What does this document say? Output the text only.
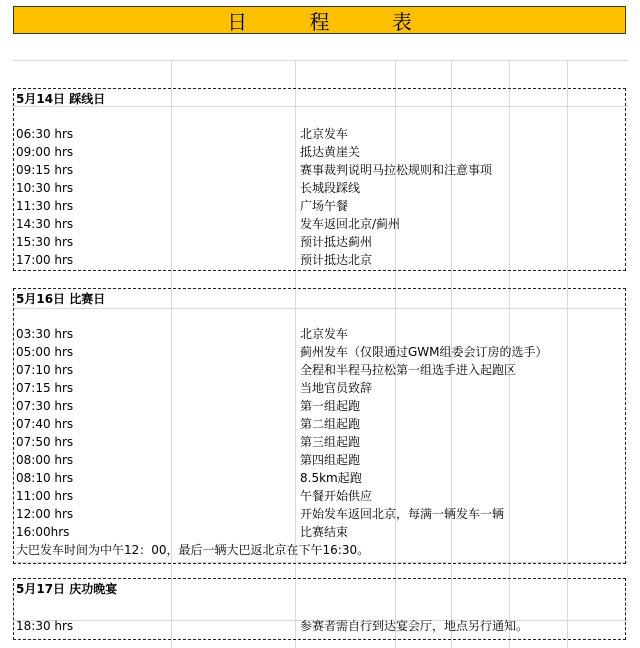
日 程 表
5月14日 踩线日
06:30 hrs	北京发车
09:00 hrs	抵达黄崖关
09:15 hrs	赛事裁判说明马拉松规则和注意事项
10:30 hrs	长城段踩线
11:30 hrs	广场午餐
14:30 hrs	发车返回北京/蓟州
15:30 hrs	预计抵达蓟州
17:00 hrs	预计抵达北京
5月16日 比赛日
03:30 hrs	北京发车
05:00 hrs	蓟州发车（仅限通过GWM组委会订房的选手）
07:10 hrs	全程和半程马拉松第一组选手进入起跑区
07:15 hrs	当地官员致辞
07:30 hrs	第一组起跑
07:40 hrs	第二组起跑
07:50 hrs	第三组起跑
08:00 hrs	第四组起跑
08:10 hrs	8.5km起跑
11:00 hrs	午餐开始供应
12:00 hrs	开始发车返回北京，每满一辆发车一辆
16:00hrs	比赛结束
大巴发车时间为中午12：00，最后一辆大巴返北京在下午16:30。
5月17日 庆功晚宴
18:30 hrs	参赛者需自行到达宴会厅，地点另行通知。
